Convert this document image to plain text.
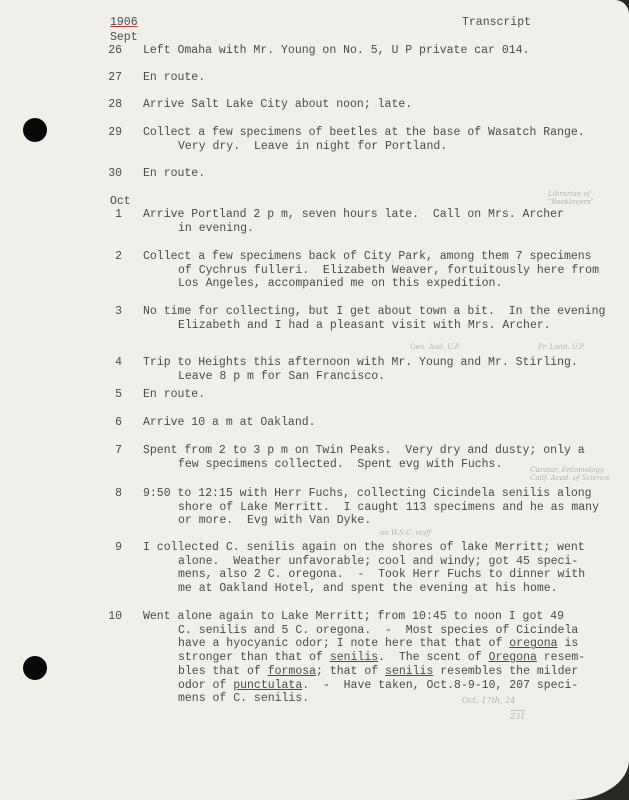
1906	Transcript
Sept
Oct
26 Left Omaha with Mr. Young on No. 5, U P private car 014.
27 En route.
28 Arrive Salt Lake City about noon; late.
29 Collect a few specimens of beetles at the base of Wasatch Range.
Very dry.  Leave in night for Portland.
30 En route.
1 Arrive Portland 2 p m, seven hours late.  Call on Mrs. Archer
in evening.
2 Collect a few specimens back of City Park, among them 7 specimens
of Cychrus fulleri.  Elizabeth Weaver, fortuitously here from
Los Angeles, accompanied me on this expedition.
3 No time for collecting, but I get about town a bit.  In the evening
Elizabeth and I had a pleasant visit with Mrs. Archer.
4 Trip to Heights this afternoon with Mr. Young and Mr. Stirling.
Leave 8 p m for San Francisco.
5 En route.
6 Arrive 10 a m at Oakland.
7 Spent from 2 to 3 p m on Twin Peaks.  Very dry and dusty; only a
few specimens collected.  Spent evg with Fuchs.
8 9:50 to 12:15 with Herr Fuchs, collecting Cicindela senilis along
shore of Lake Merritt.  I caught 113 specimens and he as many
or more.  Evg with Van Dyke.
9 I collected C. senilis again on the shores of lake Merritt; went
alone.  Weather unfavorable; cool and windy; got 45 speci-
mens, also 2 C. oregona.  -  Took Herr Fuchs to dinner with
me at Oakland Hotel, and spent the evening at his home.
10 Went alone again to Lake Merritt; from 10:45 to noon I got 49
C. senilis and 5 C. oregona.  -  Most species of Cicindela
have a hyocyanic odor; I note here that that of oregona is
stronger than that of senilis.  The scent of Oregona resem-
bles that of formosa; that of senilis resembles the milder
odor of punctulata.  -  Have taken, Oct.8-9-10, 207 speci-
mens of C. senilis.
Librarian of
"Booklovers"
Gen. Aud. U.P.	Pr. Land. U.P.
Curator, Entomology
Calif. Acad. of Science
on W.S.C. staff
Oct. 17th, 24
231
